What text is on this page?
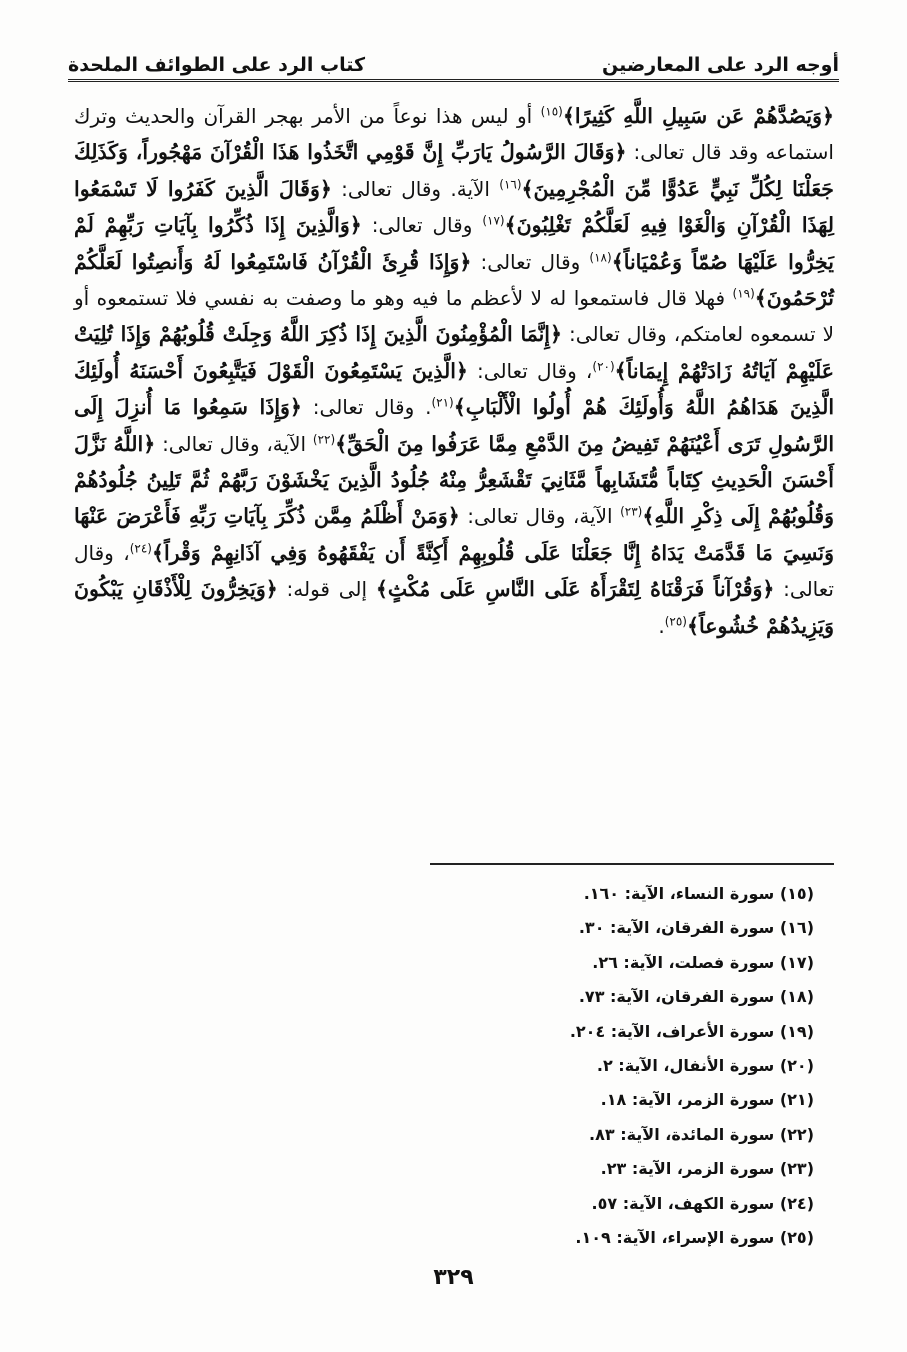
أوجه الرد على المعارضين
كتاب الرد على الطوائف الملحدة

﴿وَيَصُدَّهُمْ عَن سَبِيلِ اللَّهِ كَثِيرًا﴾$^{(١٥)}$ أو ليس هذا نوعاً من الأمر بهجر القرآن والحديث وترك استماعه وقد قال تعالى: ﴿وَقَالَ الرَّسُولُ يَارَبِّ إِنَّ قَوْمِي اتَّخَذُوا هَذَا الْقُرْآنَ مَهْجُوراً، وَكَذَلِكَ جَعَلْنَا لِكُلِّ نَبِيٍّ عَدُوًّا مِّنَ الْمُجْرِمِينَ﴾$^{(١٦)}$ الآية. وقال تعالى: ﴿وَقَالَ الَّذِينَ كَفَرُوا لَا تَسْمَعُوا لِهَذَا الْقُرْآنِ وَالْغَوْا فِيهِ لَعَلَّكُمْ تَغْلِبُونَ﴾$^{(١٧)}$ وقال تعالى: ﴿وَالَّذِينَ إِذَا ذُكِّرُوا بِآيَاتِ رَبِّهِمْ لَمْ يَخِرُّوا عَلَيْهَا صُمّاً وَعُمْيَاناً﴾$^{(١٨)}$ وقال تعالى: ﴿وَإِذَا قُرِئَ الْقُرْآنُ فَاسْتَمِعُوا لَهُ وَأَنصِتُوا لَعَلَّكُمْ تُرْحَمُونَ﴾$^{(١٩)}$ فهلا قال فاستمعوا له لا لأعظم ما فيه وهو ما وصفت به نفسي فلا تستمعوه أو لا تسمعوه لعامتكم، وقال تعالى: ﴿إِنَّمَا الْمُؤْمِنُونَ الَّذِينَ إِذَا ذُكِرَ اللَّهُ وَجِلَتْ قُلُوبُهُمْ وَإِذَا تُلِيَتْ عَلَيْهِمْ آيَاتُهُ زَادَتْهُمْ إِيمَاناً﴾$^{(٢٠)}$، وقال تعالى: ﴿الَّذِينَ يَسْتَمِعُونَ الْقَوْلَ فَيَتَّبِعُونَ أَحْسَنَهُ أُولَئِكَ الَّذِينَ هَدَاهُمُ اللَّهُ وَأُولَئِكَ هُمْ أُولُوا الْأَلْبَابِ﴾$^{(٢١)}$. وقال تعالى: ﴿وَإِذَا سَمِعُوا مَا أُنزِلَ إِلَى الرَّسُولِ تَرَى أَعْيُنَهُمْ تَفِيضُ مِنَ الدَّمْعِ مِمَّا عَرَفُوا مِنَ الْحَقِّ﴾$^{(٢٢)}$ الآية، وقال تعالى: ﴿اللَّهُ نَزَّلَ أَحْسَنَ الْحَدِيثِ كِتَاباً مُّتَشَابِهاً مَّثَانِيَ تَقْشَعِرُّ مِنْهُ جُلُودُ الَّذِينَ يَخْشَوْنَ رَبَّهُمْ ثُمَّ تَلِينُ جُلُودُهُمْ وَقُلُوبُهُمْ إِلَى ذِكْرِ اللَّهِ﴾$^{(٢٣)}$ الآية، وقال تعالى: ﴿وَمَنْ أَظْلَمُ مِمَّن ذُكِّرَ بِآيَاتِ رَبِّهِ فَأَعْرَضَ عَنْهَا وَنَسِيَ مَا قَدَّمَتْ يَدَاهُ إِنَّا جَعَلْنَا عَلَى قُلُوبِهِمْ أَكِنَّةً أَن يَفْقَهُوهُ وَفِي آذَانِهِمْ وَقْراً﴾$^{(٢٤)}$، وقال تعالى: ﴿وَقُرْآناً فَرَقْنَاهُ لِتَقْرَأَهُ عَلَى النَّاسِ عَلَى مُكْثٍ﴾ إلى قوله: ﴿وَيَخِرُّونَ لِلْأَذْقَانِ يَبْكُونَ وَيَزِيدُهُمْ خُشُوعاً﴾$^{(٢٥)}$.

(١٥) سورة النساء، الآية: ١٦٠.
(١٦) سورة الفرقان، الآية: ٣٠.
(١٧) سورة فصلت، الآية: ٢٦.
(١٨) سورة الفرقان، الآية: ٧٣.
(١٩) سورة الأعراف، الآية: ٢٠٤.
(٢٠) سورة الأنفال، الآية: ٢.
(٢١) سورة الزمر، الآية: ١٨.
(٢٢) سورة المائدة، الآية: ٨٣.
(٢٣) سورة الزمر، الآية: ٢٣.
(٢٤) سورة الكهف، الآية: ٥٧.
(٢٥) سورة الإسراء، الآية: ١٠٩.
٣٢٩
